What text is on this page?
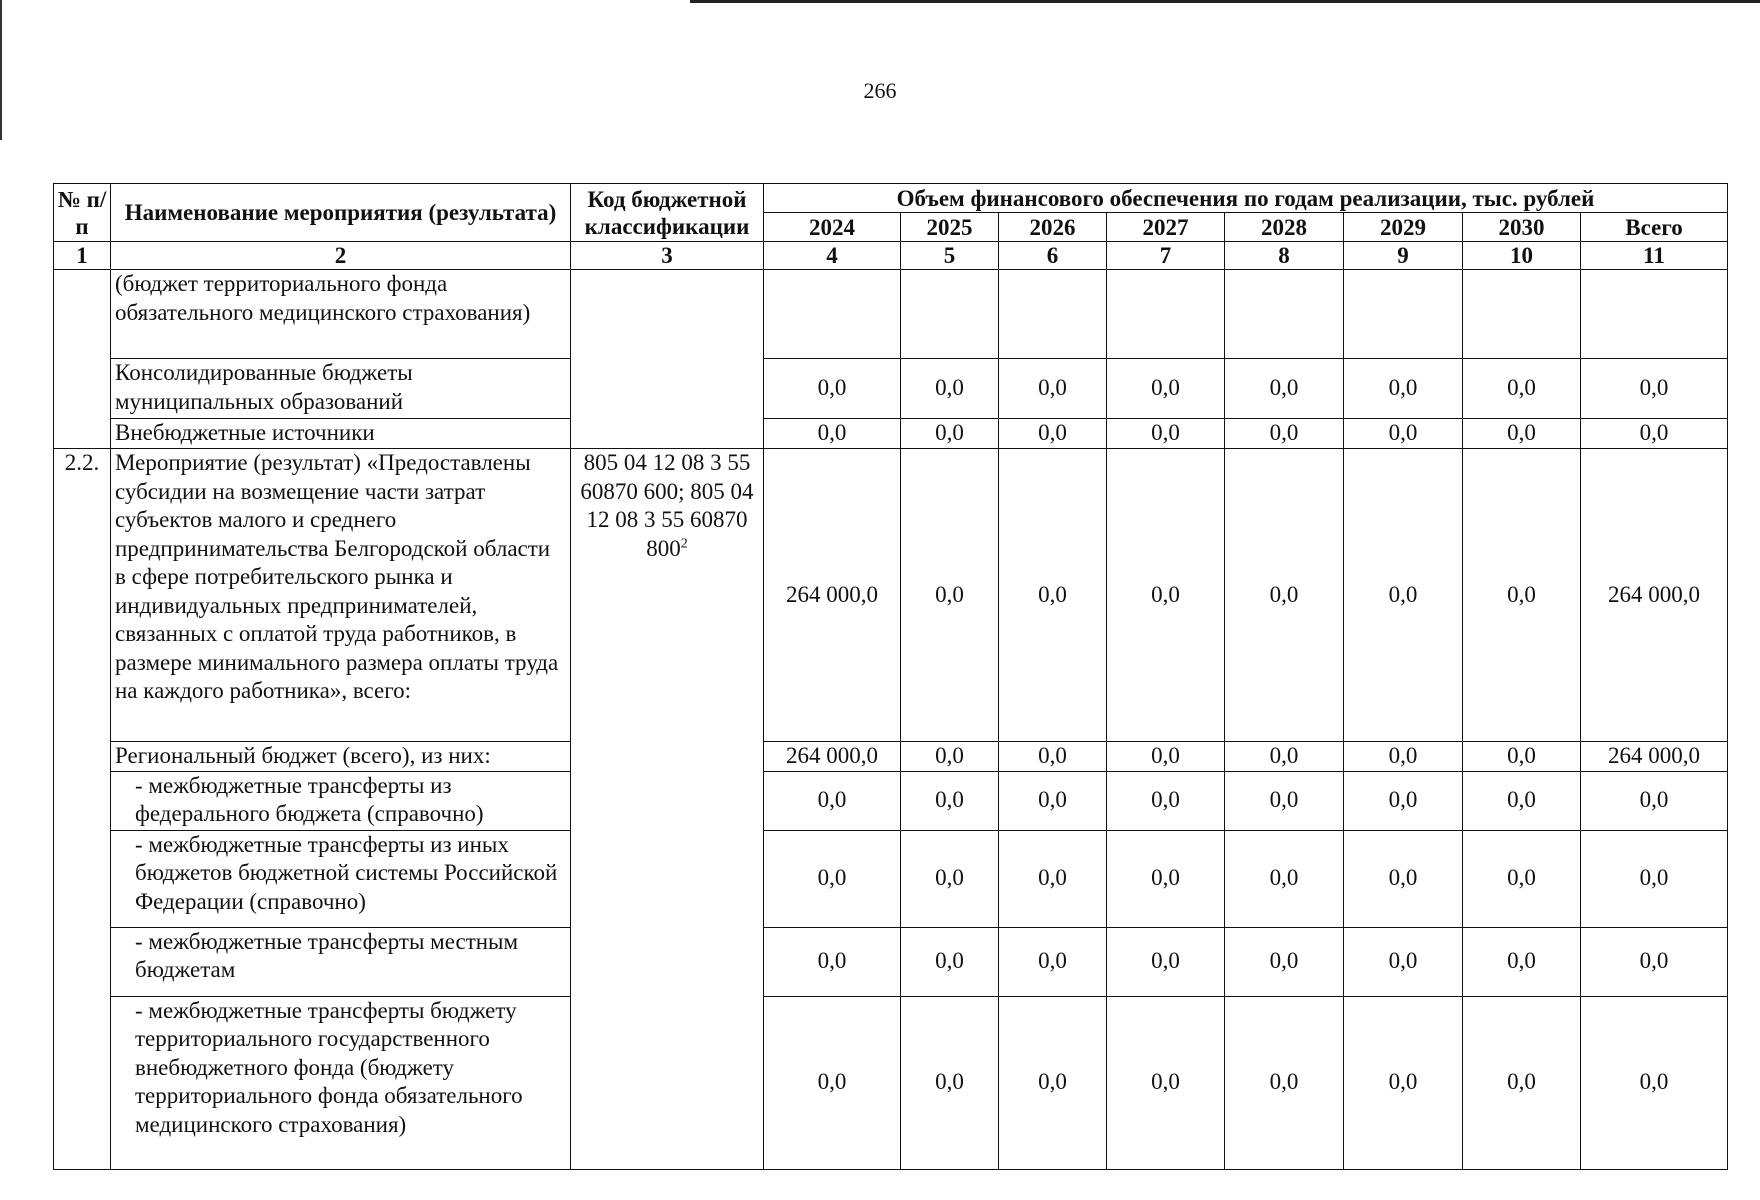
266
№ п/п	Наименование мероприятия (результата)	Код бюджетной классификации	Объем финансового обеспечения по годам реализации, тыс. рублей							
			2024	2025	2026	2027	2028	2029	2030	Всего
1	2	3	4	5	6	7	8	9	10	11
	(бюджет территориального фонда обязательного медицинского страхования)									
	Консолидированные бюджеты муниципальных образований		0,0	0,0	0,0	0,0	0,0	0,0	0,0	0,0
	Внебюджетные источники		0,0	0,0	0,0	0,0	0,0	0,0	0,0	0,0
2.2.	Мероприятие (результат) «Предоставлены субсидии на возмещение части затрат субъектов малого и среднего предпринимательства Белгородской области в сфере потребительского рынка и индивидуальных предпринимателей, связанных с оплатой труда работников, в размере минимального размера оплаты труда на каждого работника», всего:	805 04 12 08 3 55 60870 600; 805 04 12 08 3 55 60870 $800^2$	264 000,0	0,0	0,0	0,0	0,0	0,0	0,0	264 000,0
	Региональный бюджет (всего), из них:		264 000,0	0,0	0,0	0,0	0,0	0,0	0,0	264 000,0
	- межбюджетные трансферты из федерального бюджета (справочно)		0,0	0,0	0,0	0,0	0,0	0,0	0,0	0,0
	- межбюджетные трансферты из иных бюджетов бюджетной системы Российской Федерации (справочно)		0,0	0,0	0,0	0,0	0,0	0,0	0,0	0,0
	- межбюджетные трансферты местным бюджетам		0,0	0,0	0,0	0,0	0,0	0,0	0,0	0,0
	- межбюджетные трансферты бюджету территориального государственного внебюджетного фонда (бюджету территориального фонда обязательного медицинского страхования)		0,0	0,0	0,0	0,0	0,0	0,0	0,0	0,0
